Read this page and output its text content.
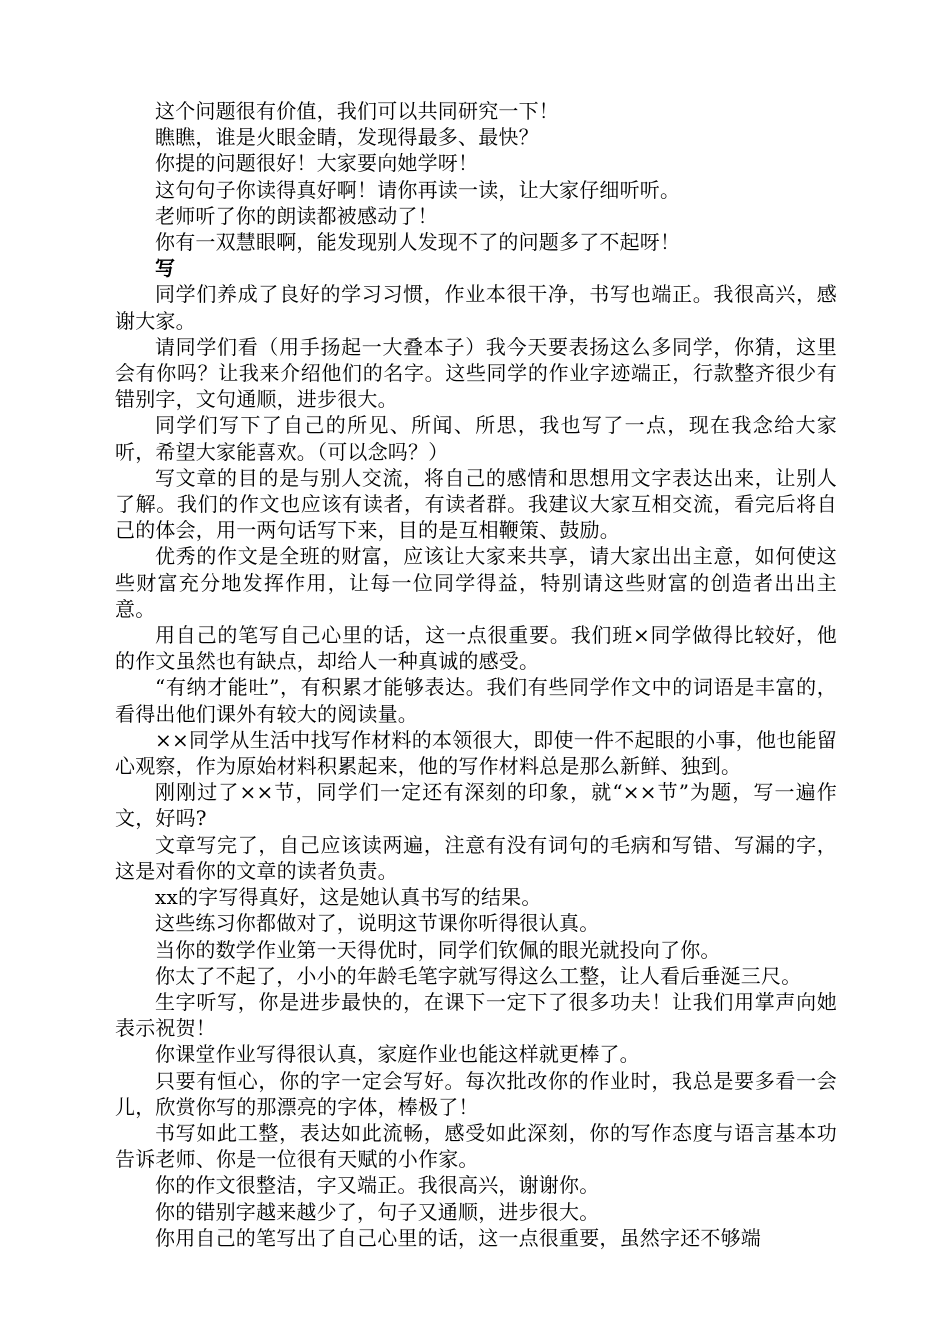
这个问题很有价值，我们可以共同研究一下！

瞧瞧，谁是火眼金睛，发现得最多、最快？

你提的问题很好！大家要向她学呀！

这句句子你读得真好啊！请你再读一读，让大家仔细听听。

老师听了你的朗读都被感动了！

你有一双慧眼啊，能发现别人发现不了的问题多了不起呀！

写

同学们养成了良好的学习习惯，作业本很干净，书写也端正。我很高兴，感谢大家。

请同学们看（用手扬起一大叠本子）我今天要表扬这么多同学，你猜，这里会有你吗？让我来介绍他们的名字。这些同学的作业字迹端正，行款整齐很少有错别字，文句通顺，进步很大。

同学们写下了自己的所见、所闻、所思，我也写了一点，现在我念给大家听，希望大家能喜欢。（可以念吗？）

写文章的目的是与别人交流，将自己的感情和思想用文字表达出来，让别人了解。我们的作文也应该有读者，有读者群。我建议大家互相交流，看完后将自己的体会，用一两句话写下来，目的是互相鞭策、鼓励。

优秀的作文是全班的财富，应该让大家来共享，请大家出出主意，如何使这些财富充分地发挥作用，让每一位同学得益，特别请这些财富的创造者出出主意。

用自己的笔写自己心里的话，这一点很重要。我们班×同学做得比较好，他的作文虽然也有缺点，却给人一种真诚的感受。

“有纳才能吐”，有积累才能够表达。我们有些同学作文中的词语是丰富的，看得出他们课外有较大的阅读量。

××同学从生活中找写作材料的本领很大，即使一件不起眼的小事，他也能留心观察，作为原始材料积累起来，他的写作材料总是那么新鲜、独到。

刚刚过了××节，同学们一定还有深刻的印象，就“××节”为题，写一遍作文，好吗?

文章写完了，自己应该读两遍，注意有没有词句的毛病和写错、写漏的字，这是对看你的文章的读者负责。

xx的字写得真好，这是她认真书写的结果。

这些练习你都做对了，说明这节课你听得很认真。

当你的数学作业第一天得优时，同学们钦佩的眼光就投向了你。

你太了不起了，小小的年龄毛笔字就写得这么工整，让人看后垂涎三尺。

生字听写，你是进步最快的，在课下一定下了很多功夫！让我们用掌声向她表示祝贺！

你课堂作业写得很认真，家庭作业也能这样就更棒了。

只要有恒心，你的字一定会写好。每次批改你的作业时，我总是要多看一会儿，欣赏你写的那漂亮的字体，棒极了！

书写如此工整，表达如此流畅，感受如此深刻，你的写作态度与语言基本功告诉老师、你是一位很有天赋的小作家。

你的作文很整洁，字又端正。我很高兴，谢谢你。

你的错别字越来越少了，句子又通顺，进步很大。

你用自己的笔写出了自己心里的话，这一点很重要，虽然字还不够端
